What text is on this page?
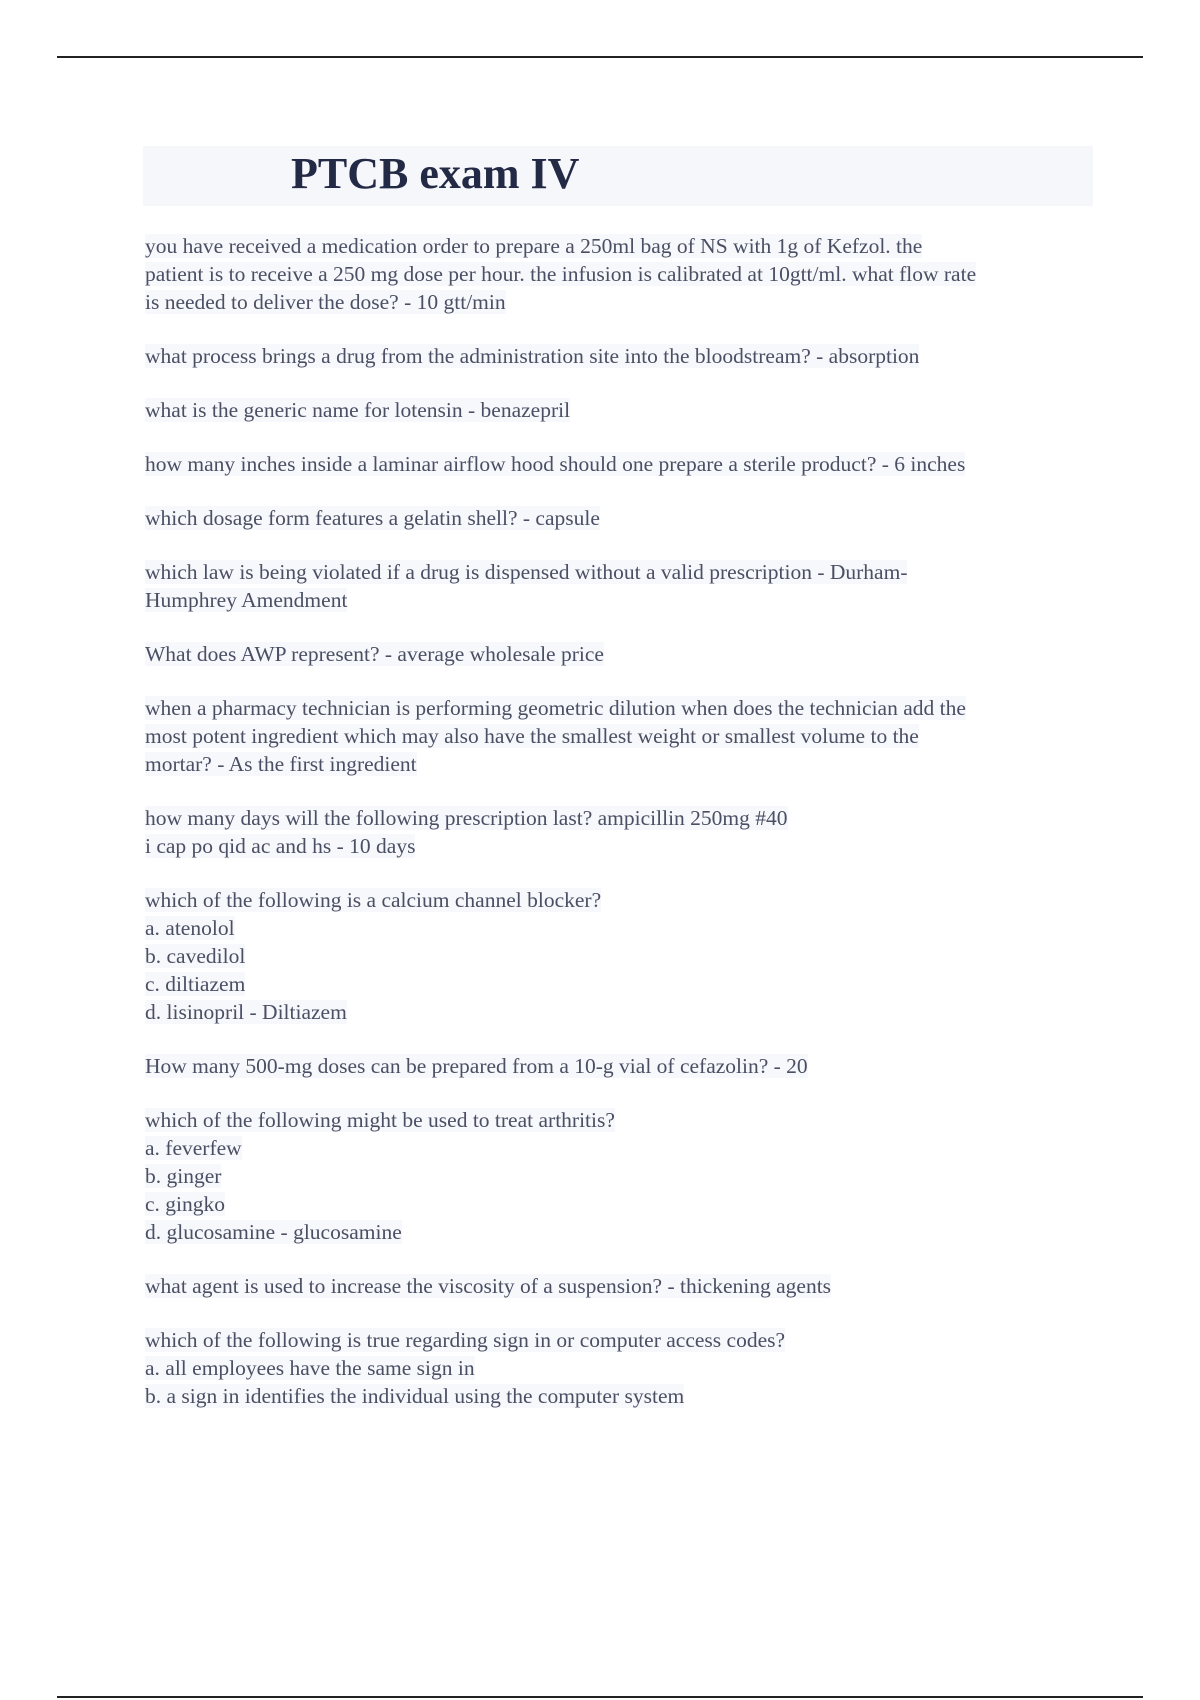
PTCB exam IV

you have received a medication order to prepare a 250ml bag of NS with 1g of Kefzol. the
patient is to receive a 250 mg dose per hour. the infusion is calibrated at 10gtt/ml. what flow rate
is needed to deliver the dose? - 10 gtt/min

what process brings a drug from the administration site into the bloodstream? - absorption

what is the generic name for lotensin - benazepril

how many inches inside a laminar airflow hood should one prepare a sterile product? - 6 inches

which dosage form features a gelatin shell? - capsule

which law is being violated if a drug is dispensed without a valid prescription - Durham-
Humphrey Amendment

What does AWP represent? - average wholesale price

when a pharmacy technician is performing geometric dilution when does the technician add the
most potent ingredient which may also have the smallest weight or smallest volume to the
mortar? - As the first ingredient

how many days will the following prescription last? ampicillin 250mg #40
i cap po qid ac and hs - 10 days

which of the following is a calcium channel blocker?
a. atenolol
b. cavedilol
c. diltiazem
d. lisinopril - Diltiazem

How many 500-mg doses can be prepared from a 10-g vial of cefazolin? - 20

which of the following might be used to treat arthritis?
a. feverfew
b. ginger
c. gingko
d. glucosamine - glucosamine

what agent is used to increase the viscosity of a suspension? - thickening agents

which of the following is true regarding sign in or computer access codes?
a. all employees have the same sign in
b. a sign in identifies the individual using the computer system
